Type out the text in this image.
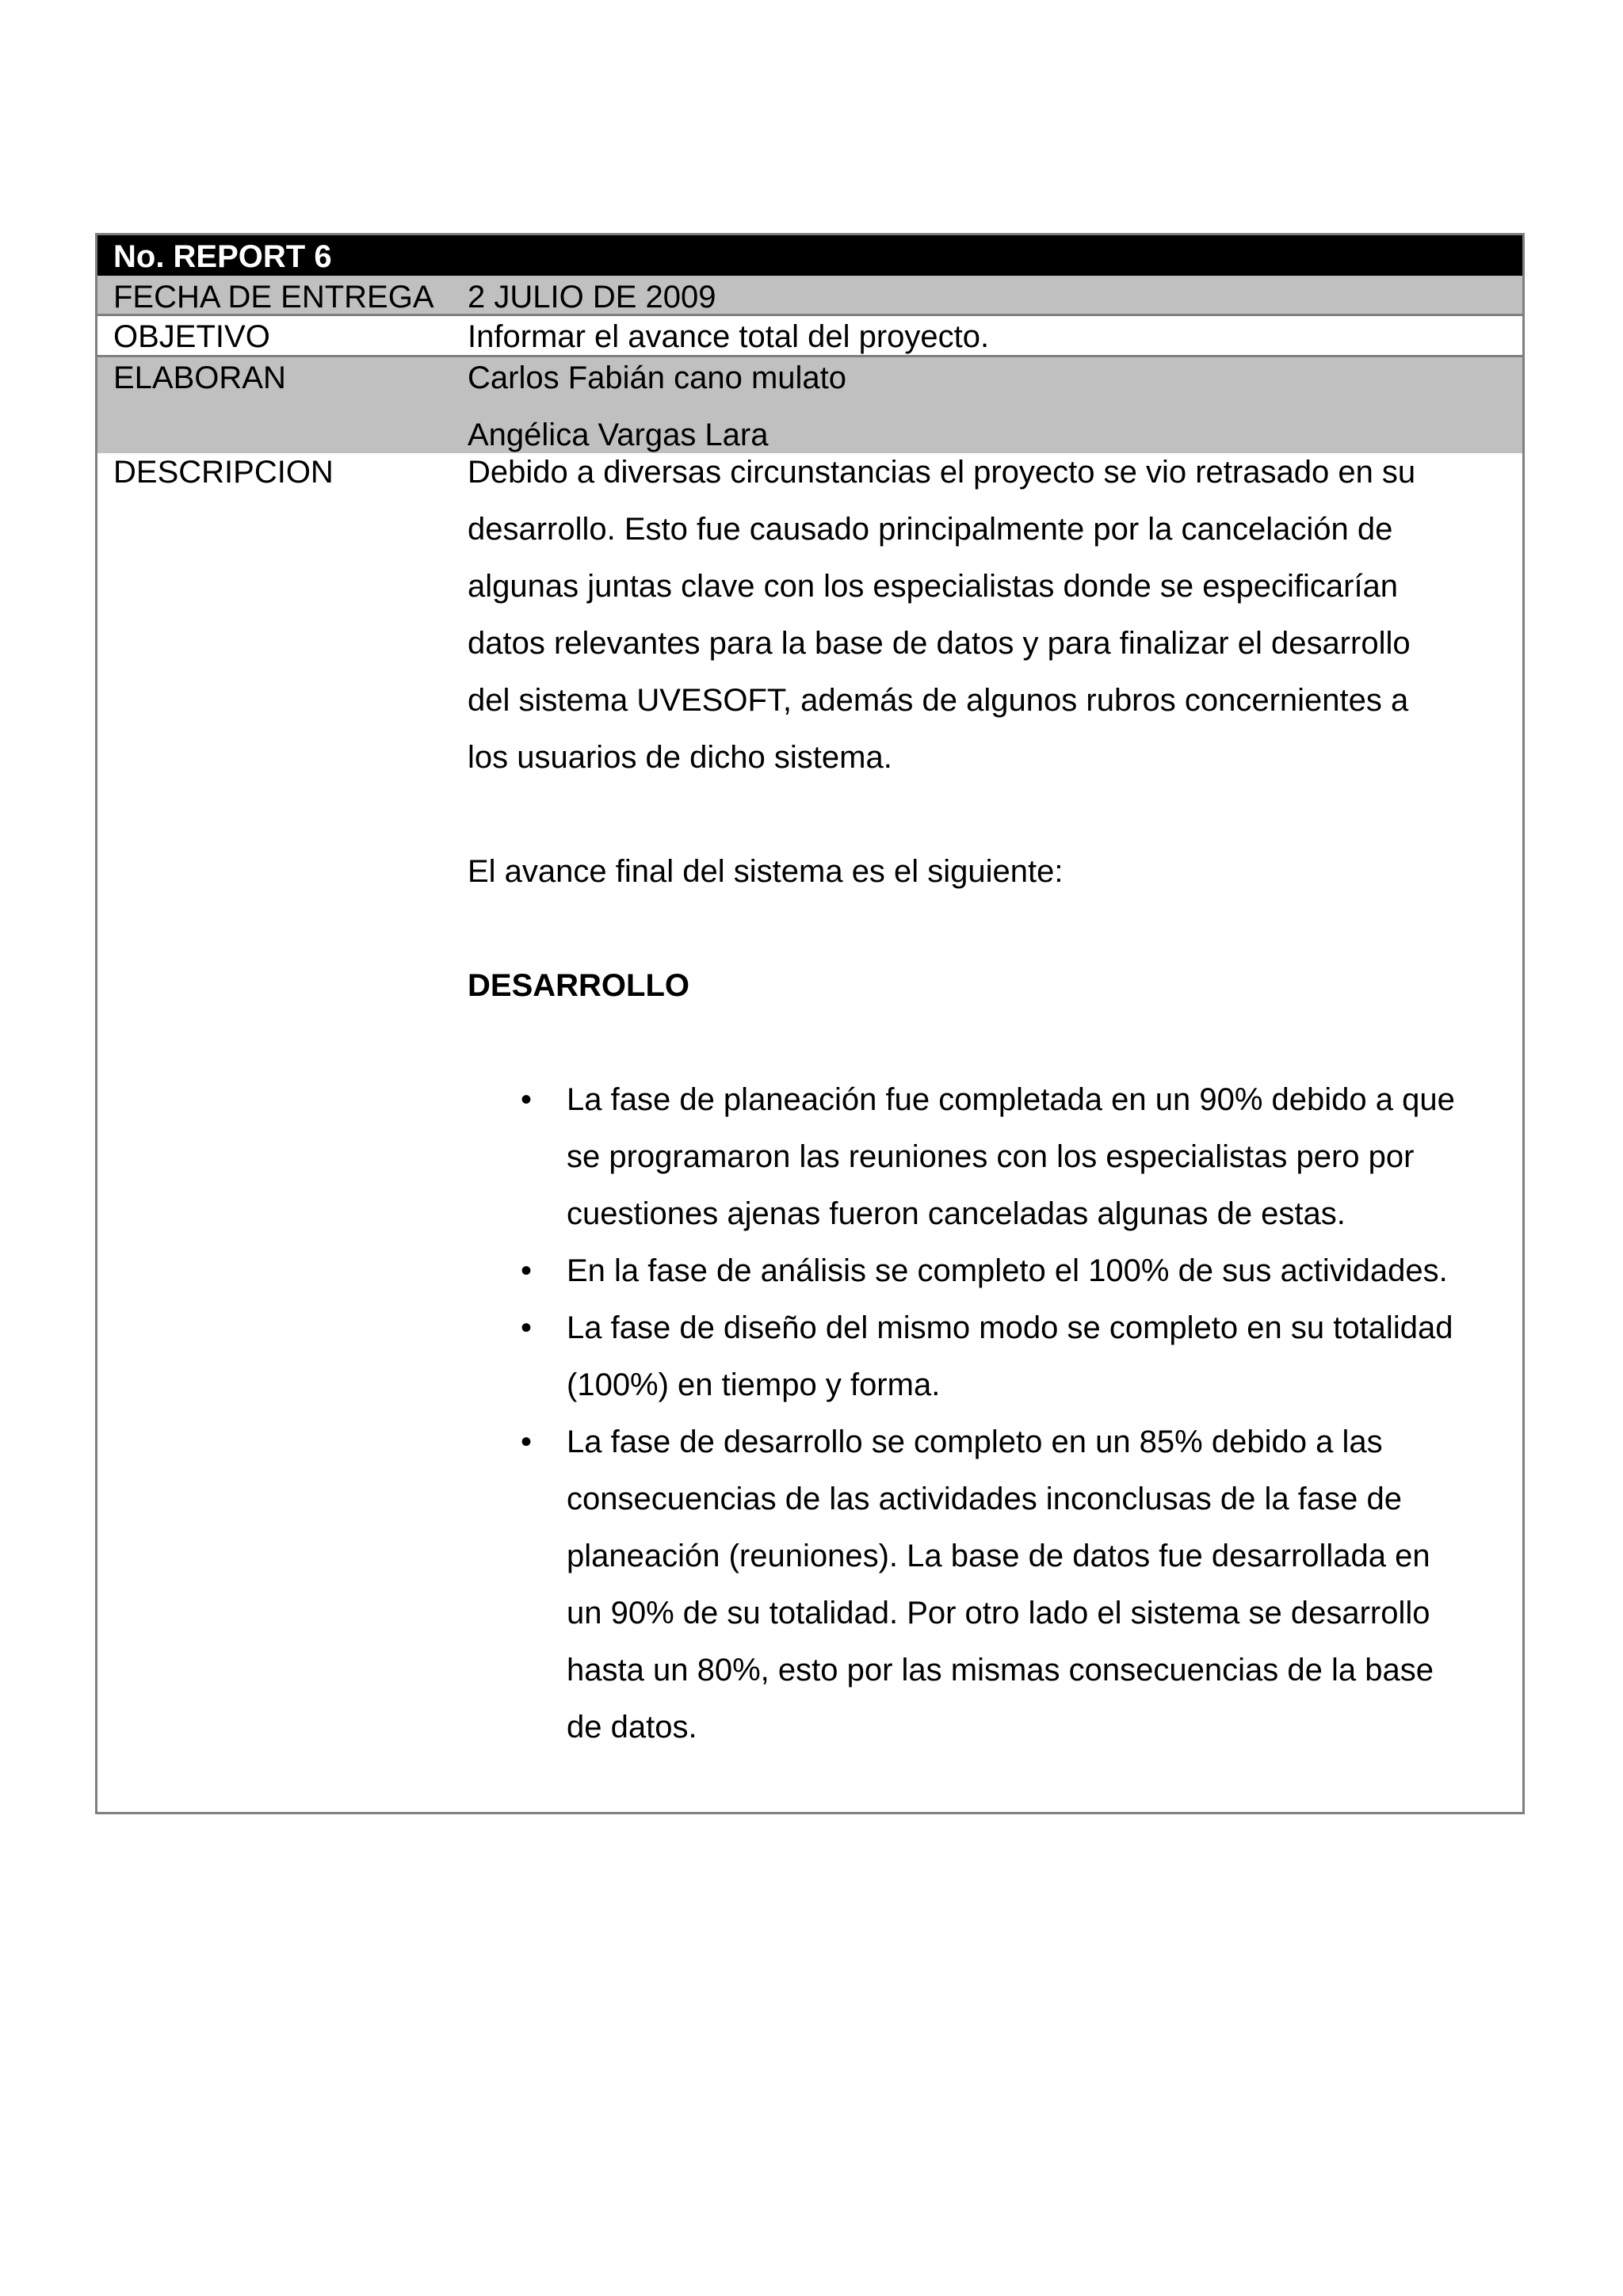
No. REPORT 6
FECHA DE ENTREGA	2 JULIO DE 2009
OBJETIVO	Informar el avance total del proyecto.
ELABORAN	Carlos Fabián cano mulato
Angélica Vargas Lara
DESCRIPCION	Debido a diversas circunstancias el proyecto se vio retrasado en su
desarrollo. Esto fue causado principalmente por la cancelación de
algunas juntas clave con los especialistas donde se especificarían
datos relevantes para la base de datos y para finalizar el desarrollo
del sistema UVESOFT, además de algunos rubros concernientes a
los usuarios de dicho sistema.
El avance final del sistema es el siguiente:
DESARROLLO
• La fase de planeación fue completada en un 90% debido a que
se programaron las reuniones con los especialistas pero por
cuestiones ajenas fueron canceladas algunas de estas.
• En la fase de análisis se completo el 100% de sus actividades.
• La fase de diseño del mismo modo se completo en su totalidad
(100%) en tiempo y forma.
• La fase de desarrollo se completo en un 85% debido a las
consecuencias de las actividades inconclusas de la fase de
planeación (reuniones). La base de datos fue desarrollada en
un 90% de su totalidad. Por otro lado el sistema se desarrollo
hasta un 80%, esto por las mismas consecuencias de la base
de datos.
